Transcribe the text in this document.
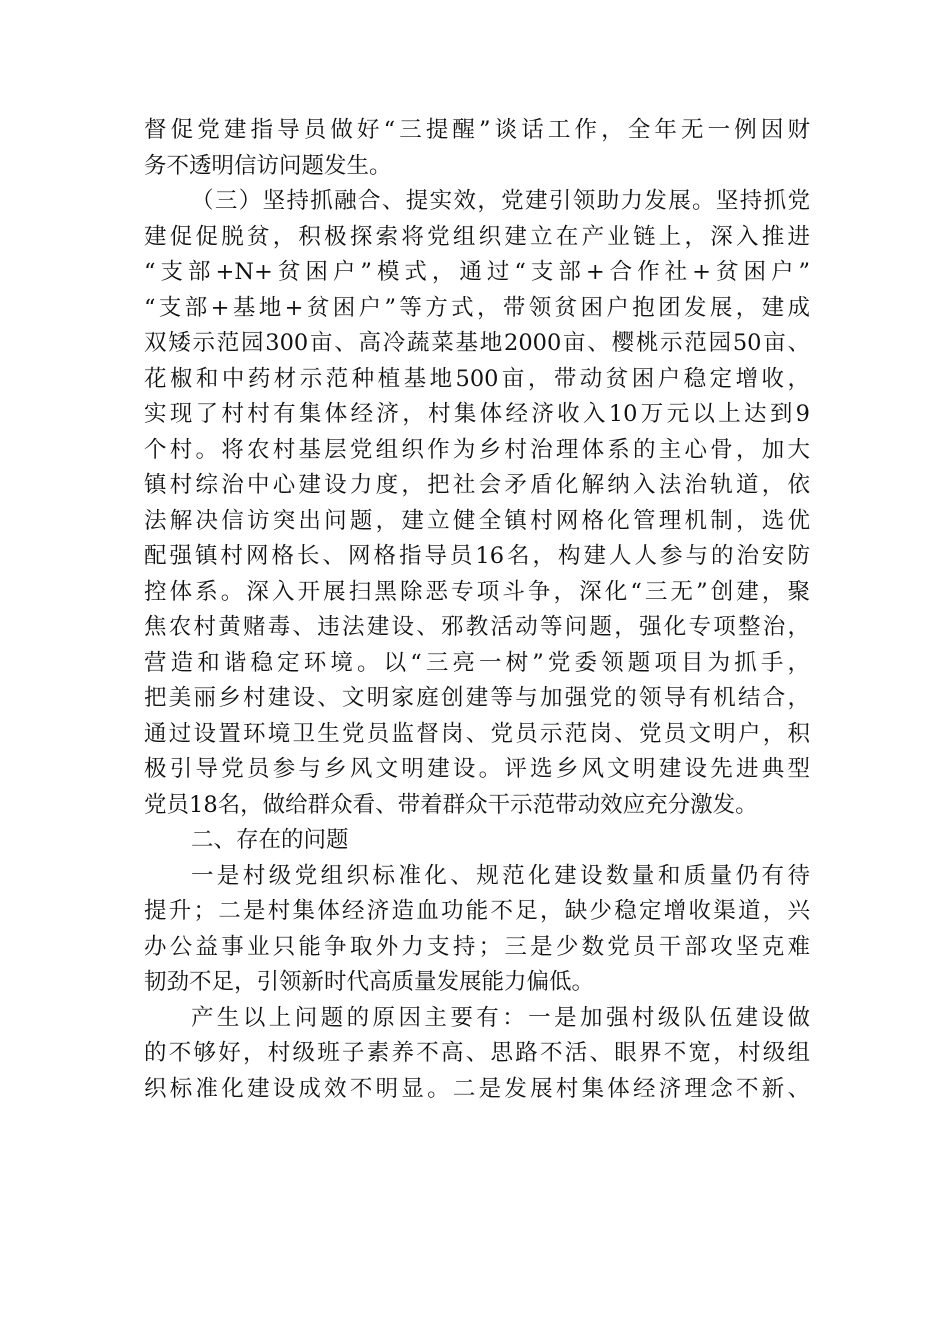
督促党建指导员做好“三提醒”谈话工作，全年无一例因财
务不透明信访问题发生。
（三）坚持抓融合、提实效，党建引领助力发展。坚持抓党
建促促脱贫，积极探索将党组织建立在产业链上，深入推进
“支部+N+贫困户”模式，通过“支部+合作社+贫困户”
“支部+基地+贫困户”等方式，带领贫困户抱团发展，建成
双矮示范园300亩、高冷蔬菜基地2000亩、樱桃示范园50亩、
花椒和中药材示范种植基地500亩，带动贫困户稳定增收，
实现了村村有集体经济，村集体经济收入10万元以上达到9
个村。将农村基层党组织作为乡村治理体系的主心骨，加大
镇村综治中心建设力度，把社会矛盾化解纳入法治轨道，依
法解决信访突出问题，建立健全镇村网格化管理机制，选优
配强镇村网格长、网格指导员16名，构建人人参与的治安防
控体系。深入开展扫黑除恶专项斗争，深化“三无”创建，聚
焦农村黄赌毒、违法建设、邪教活动等问题，强化专项整治，
营造和谐稳定环境。以“三亮一树”党委领题项目为抓手，
把美丽乡村建设、文明家庭创建等与加强党的领导有机结合，
通过设置环境卫生党员监督岗、党员示范岗、党员文明户，积
极引导党员参与乡风文明建设。评选乡风文明建设先进典型
党员18名，做给群众看、带着群众干示范带动效应充分激发。
二、存在的问题
一是村级党组织标准化、规范化建设数量和质量仍有待
提升；二是村集体经济造血功能不足，缺少稳定增收渠道，兴
办公益事业只能争取外力支持；三是少数党员干部攻坚克难
韧劲不足，引领新时代高质量发展能力偏低。
产生以上问题的原因主要有：一是加强村级队伍建设做
的不够好，村级班子素养不高、思路不活、眼界不宽，村级组
织标准化建设成效不明显。二是发展村集体经济理念不新、
